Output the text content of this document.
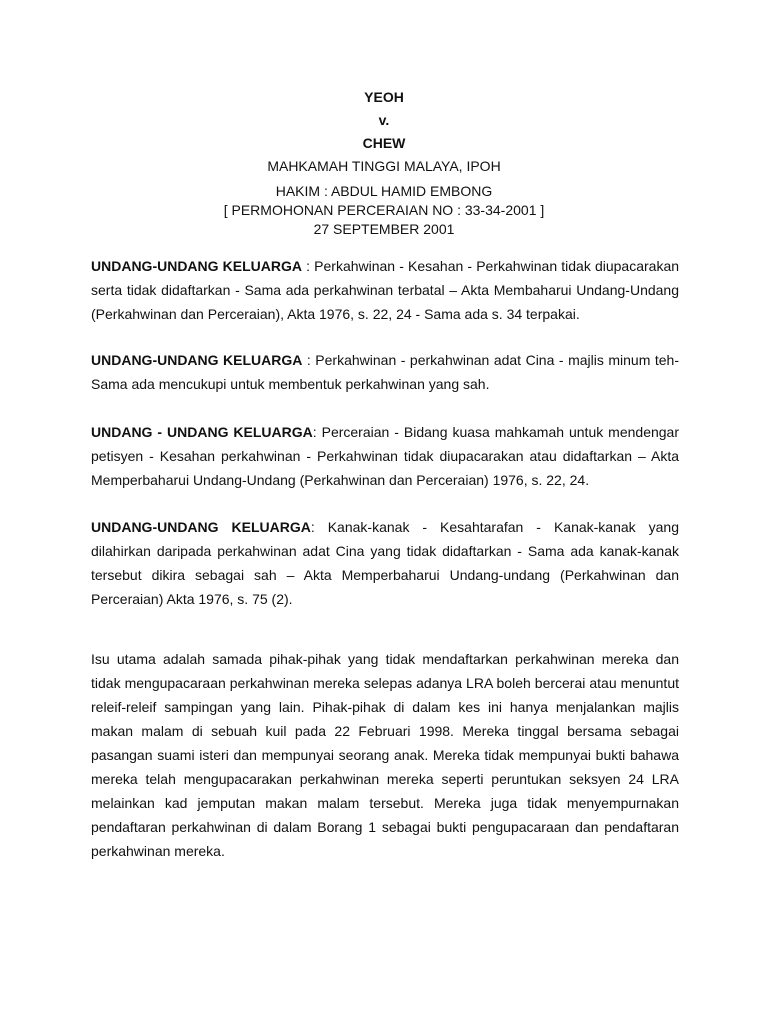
YEOH
v.
CHEW
MAHKAMAH TINGGI MALAYA, IPOH
HAKIM : ABDUL HAMID EMBONG
[ PERMOHONAN PERCERAIAN NO : 33-34-2001 ]
27 SEPTEMBER 2001

UNDANG-UNDANG KELUARGA : Perkahwinan - Kesahan - Perkahwinan tidak diupacarakan serta tidak didaftarkan - Sama ada perkahwinan terbatal – Akta Membaharui Undang-Undang (Perkahwinan dan Perceraian), Akta 1976, s. 22, 24 - Sama ada s. 34 terpakai.

UNDANG-UNDANG KELUARGA : Perkahwinan - perkahwinan adat Cina - majlis minum teh- Sama ada mencukupi untuk membentuk perkahwinan yang sah.

UNDANG - UNDANG KELUARGA: Perceraian - Bidang kuasa mahkamah untuk mendengar petisyen - Kesahan perkahwinan - Perkahwinan tidak diupacarakan atau didaftarkan – Akta Memperbaharui Undang-Undang (Perkahwinan dan Perceraian) 1976, s. 22, 24.

UNDANG-UNDANG KELUARGA: Kanak-kanak - Kesahtarafan - Kanak-kanak yang dilahirkan daripada perkahwinan adat Cina yang tidak didaftarkan - Sama ada kanak-kanak tersebut dikira sebagai sah – Akta Memperbaharui Undang-undang (Perkahwinan dan Perceraian) Akta 1976, s. 75 (2).

Isu utama adalah samada pihak-pihak yang tidak mendaftarkan perkahwinan mereka dan tidak mengupacaraan perkahwinan mereka selepas adanya LRA boleh bercerai atau menuntut releif-releif sampingan yang lain. Pihak-pihak di dalam kes ini hanya menjalankan majlis makan malam di sebuah kuil pada 22 Februari 1998. Mereka tinggal bersama sebagai pasangan suami isteri dan mempunyai seorang anak. Mereka tidak mempunyai bukti bahawa mereka telah mengupacarakan perkahwinan mereka seperti peruntukan seksyen 24 LRA melainkan kad jemputan makan malam tersebut. Mereka juga tidak menyempurnakan pendaftaran perkahwinan di dalam Borang 1 sebagai bukti pengupacaraan dan pendaftaran perkahwinan mereka.
